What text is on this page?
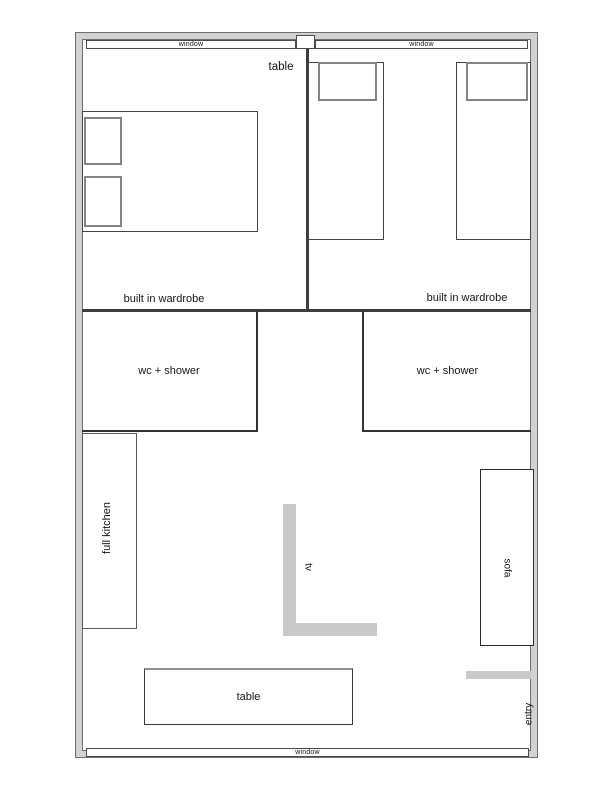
window	window
window
wc + shower	wc + shower
full kitchen
tv	sofa
entry
table
table
built in wardrobe	built in wardrobe
